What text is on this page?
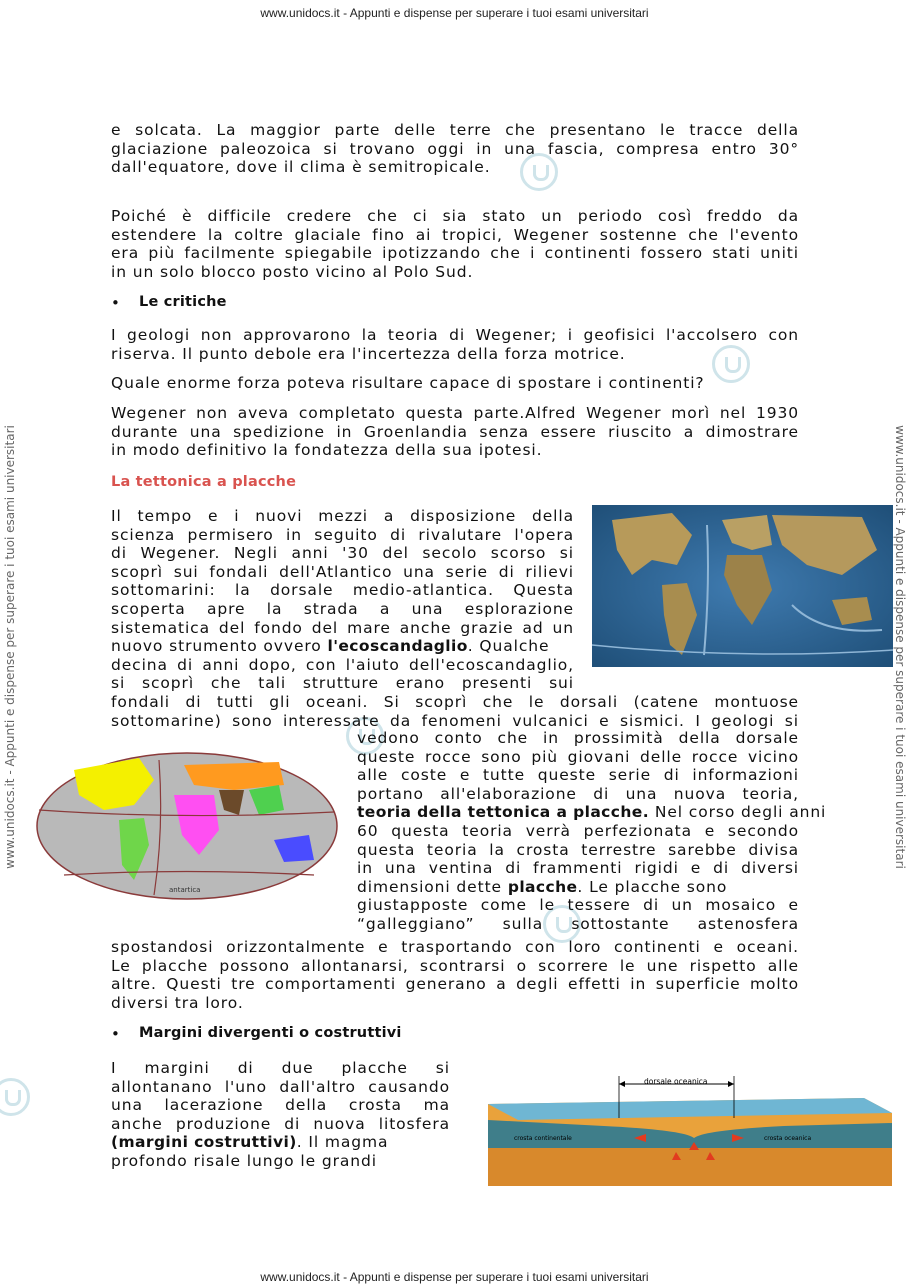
www.unidocs.it - Appunti e dispense per superare i tuoi esami universitari
www.unidocs.it - Appunti e dispense per superare i tuoi esami universitari
www.unidocs.it - Appunti e dispense per superare i tuoi esami universitari	www.unidocs.it - Appunti e dispense per superare i tuoi esami universitari
e solcata. La maggior parte delle terre che presentano le tracce della
glaciazione paleozoica si trovano oggi in una fascia, compresa entro 30°
dall'equatore, dove il clima è semitropicale.
Poiché è difficile credere che ci sia stato un periodo così freddo da
estendere la coltre glaciale fino ai tropici, Wegener sostenne che l'evento
era più facilmente spiegabile ipotizzando che i continenti fossero stati uniti
in un solo blocco posto vicino al Polo Sud.
• Le critiche
I geologi non approvarono la teoria di Wegener; i geofisici l'accolsero con
riserva. Il punto debole era l'incertezza della forza motrice.
Quale enorme forza poteva risultare capace di spostare i continenti?
Wegener non aveva completato questa parte.Alfred Wegener morì nel 1930
durante una spedizione in Groenlandia senza essere riuscito a dimostrare
in modo definitivo la fondatezza della sua ipotesi.
La tettonica a placche
Il tempo e i nuovi mezzi a disposizione della
scienza permisero in seguito di rivalutare l'opera
di Wegener. Negli anni '30 del secolo scorso si
scoprì sui fondali dell'Atlantico una serie di rilievi
sottomarini: la dorsale medio-atlantica. Questa
scoperta apre la strada a una esplorazione
sistematica del fondo del mare anche grazie ad un
nuovo strumento ovvero l'ecoscandaglio. Qualche
decina di anni dopo, con l'aiuto dell'ecoscandaglio,
si scoprì che tali strutture erano presenti sui
fondali di tutti gli oceani. Si scoprì che le dorsali (catene montuose
sottomarine) sono interessate da fenomeni vulcanici e sismici. I geologi si
antartica
vedono conto che in prossimità della dorsale
queste rocce sono più giovani delle rocce vicino
alle coste e tutte queste serie di informazioni
portano all'elaborazione di una nuova teoria,
teoria della tettonica a placche. Nel corso degli anni
60 questa teoria verrà perfezionata e secondo
questa teoria la crosta terrestre sarebbe divisa
in una ventina di frammenti rigidi e di diversi
dimensioni dette placche. Le placche sono
giustapposte come le tessere di un mosaico e
“galleggiano” sulla sottostante astenosfera
spostandosi orizzontalmente e trasportando con loro continenti e oceani.
Le placche possono allontanarsi, scontrarsi o scorrere le une rispetto alle
altre. Questi tre comportamenti generano a degli effetti in superficie molto
diversi tra loro.
• Margini divergenti o costruttivi
I margini di due placche si
allontanano l'uno dall'altro causando
una lacerazione della crosta ma
anche produzione di nuova litosfera
(margini costruttivi). Il magma
profondo risale lungo le grandi
dorsale oceanica
crosta continentale	crosta oceanica
